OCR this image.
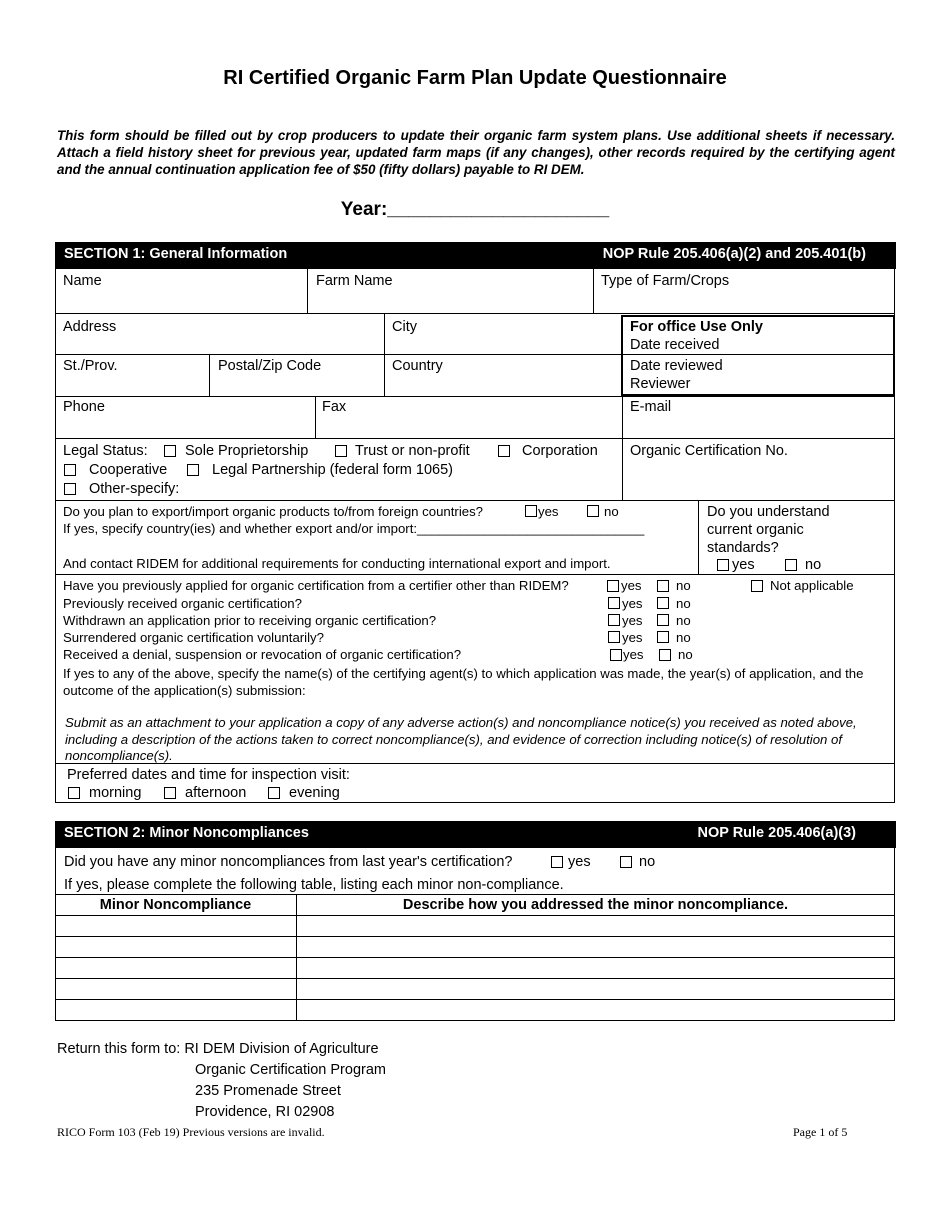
RI Certified Organic Farm Plan Update Questionnaire
This form should be filled out by crop producers to update their organic farm system plans. Use additional sheets if necessary. Attach a field history sheet for previous year, updated farm maps (if any changes), other records required by the certifying agent and the annual continuation application fee of $50 (fifty dollars) payable to RI DEM.
Year:_____________________
SECTION 1: General Information	NOP Rule 205.406(a)(2) and 205.401(b)
Name	Farm Name	Type of Farm/Crops
Address	City
St./Prov.	Postal/Zip Code	Country
For office Use Only
Date received
Date reviewed
Reviewer
Phone	Fax	E-mail
Legal Status:	Sole Proprietorship	Trust or non-profit	Corporation
Cooperative	Legal Partnership (federal form 1065)
Other-specify:
Organic Certification No.
Do you plan to export/import organic products to/from foreign countries?	yes	no
If yes, specify country(ies) and whether export and/or import:_______________________________
And contact RIDEM for additional requirements for conducting international export and import.
Do you understand
current organic
standards?
yes	no
Have you previously applied for organic certification from a certifier other than RIDEM?	yes	no	Not applicable
Previously received organic certification?	yes	no
Withdrawn an application prior to receiving organic certification?	yes	no
Surrendered organic certification voluntarily?	yes	no
Received a denial, suspension or revocation of organic certification?	yes	no
If yes to any of the above, specify the name(s) of the certifying agent(s) to which application was made, the year(s) of application, and the outcome of the application(s) submission:
Submit as an attachment to your application a copy of any adverse action(s) and noncompliance notice(s) you received as noted above, including a description of the actions taken to correct noncompliance(s), and evidence of correction including notice(s) of resolution of noncompliance(s).
Preferred dates and time for inspection visit:
morning	afternoon	evening
SECTION 2: Minor Noncompliances	NOP Rule 205.406(a)(3)
Did you have any minor noncompliances from last year's certification?	yes	no
If yes, please complete the following table, listing each minor non-compliance.
Minor Noncompliance	Describe how you addressed the minor noncompliance.
Return this form to: RI DEM Division of Agriculture
Organic Certification Program
235 Promenade Street
Providence, RI 02908
RICO Form 103 (Feb 19) Previous versions are invalid.	Page 1 of 5
